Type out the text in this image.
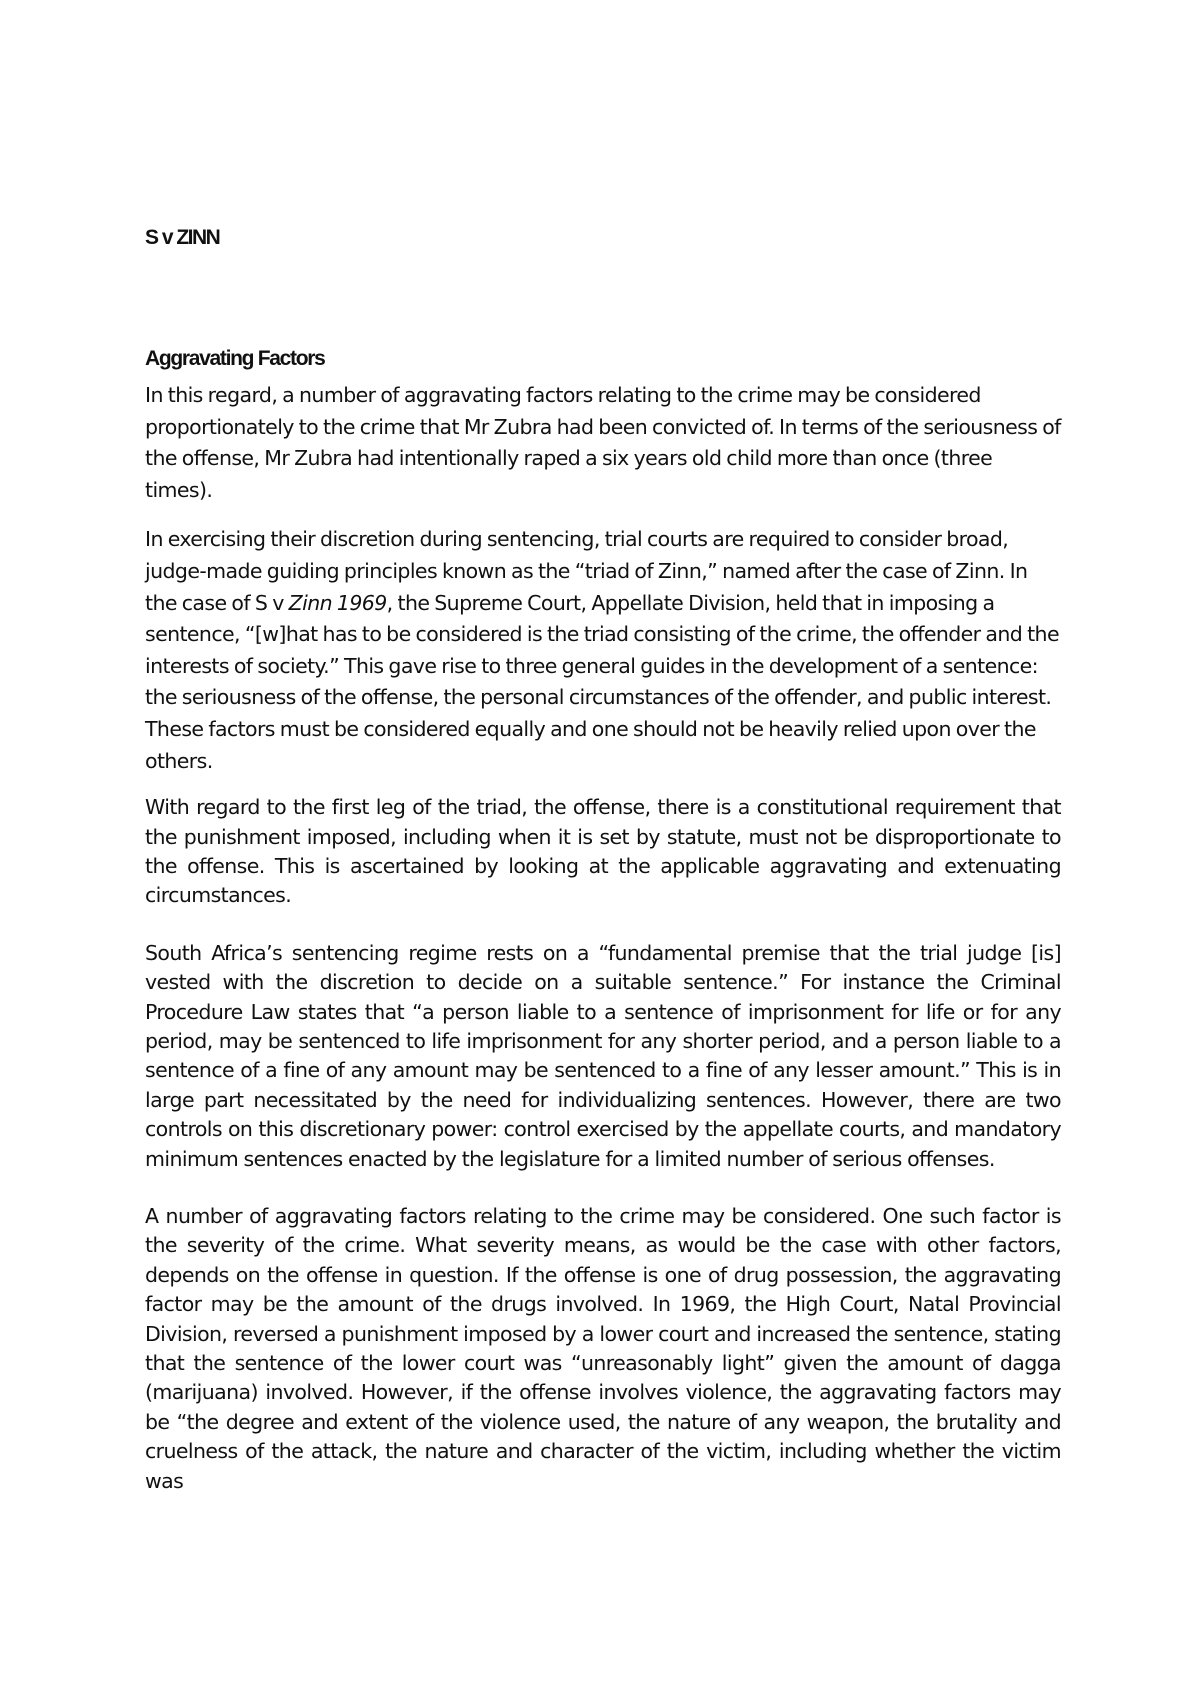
S v ZINN
Aggravating Factors

In this regard, a number of aggravating factors relating to the crime may be considered proportionately to the crime that Mr Zubra had been convicted of. In terms of the seriousness of the offense, Mr Zubra had intentionally raped a six years old child more than once (three times).

In exercising their discretion during sentencing, trial courts are required to consider broad, judge-made guiding principles known as the “triad of Zinn,” named after the case of Zinn. In the case of S v Zinn 1969, the Supreme Court, Appellate Division, held that in imposing a sentence, “[w]hat has to be considered is the triad consisting of the crime, the offender and the interests of society.” This gave rise to three general guides in the development of a sentence: the seriousness of the offense, the personal circumstances of the offender, and public interest. These factors must be considered equally and one should not be heavily relied upon over the others.

With regard to the first leg of the triad, the offense, there is a constitutional requirement that the punishment imposed, including when it is set by statute, must not be disproportionate to the offense. This is ascertained by looking at the applicable aggravating and extenuating circumstances.

South Africa’s sentencing regime rests on a “fundamental premise that the trial judge [is] vested with the discretion to decide on a suitable sentence.” For instance the Criminal Procedure Law states that “a person liable to a sentence of imprisonment for life or for any period, may be sentenced to life imprisonment for any shorter period, and a person liable to a sentence of a fine of any amount may be sentenced to a fine of any lesser amount.” This is in large part necessitated by the need for individualizing sentences. However, there are two controls on this discretionary power: control exercised by the appellate courts, and mandatory minimum sentences enacted by the legislature for a limited number of serious offenses.

A number of aggravating factors relating to the crime may be considered. One such factor is the severity of the crime. What severity means, as would be the case with other factors, depends on the offense in question. If the offense is one of drug possession, the aggravating factor may be the amount of the drugs involved. In 1969, the High Court, Natal Provincial Division, reversed a punishment imposed by a lower court and increased the sentence, stating that the sentence of the lower court was “unreasonably light” given the amount of dagga (marijuana) involved. However, if the offense involves violence, the aggravating factors may be “the degree and extent of the violence used, the nature of any weapon, the brutality and cruelness of the attack, the nature and character of the victim, including whether the victim was
